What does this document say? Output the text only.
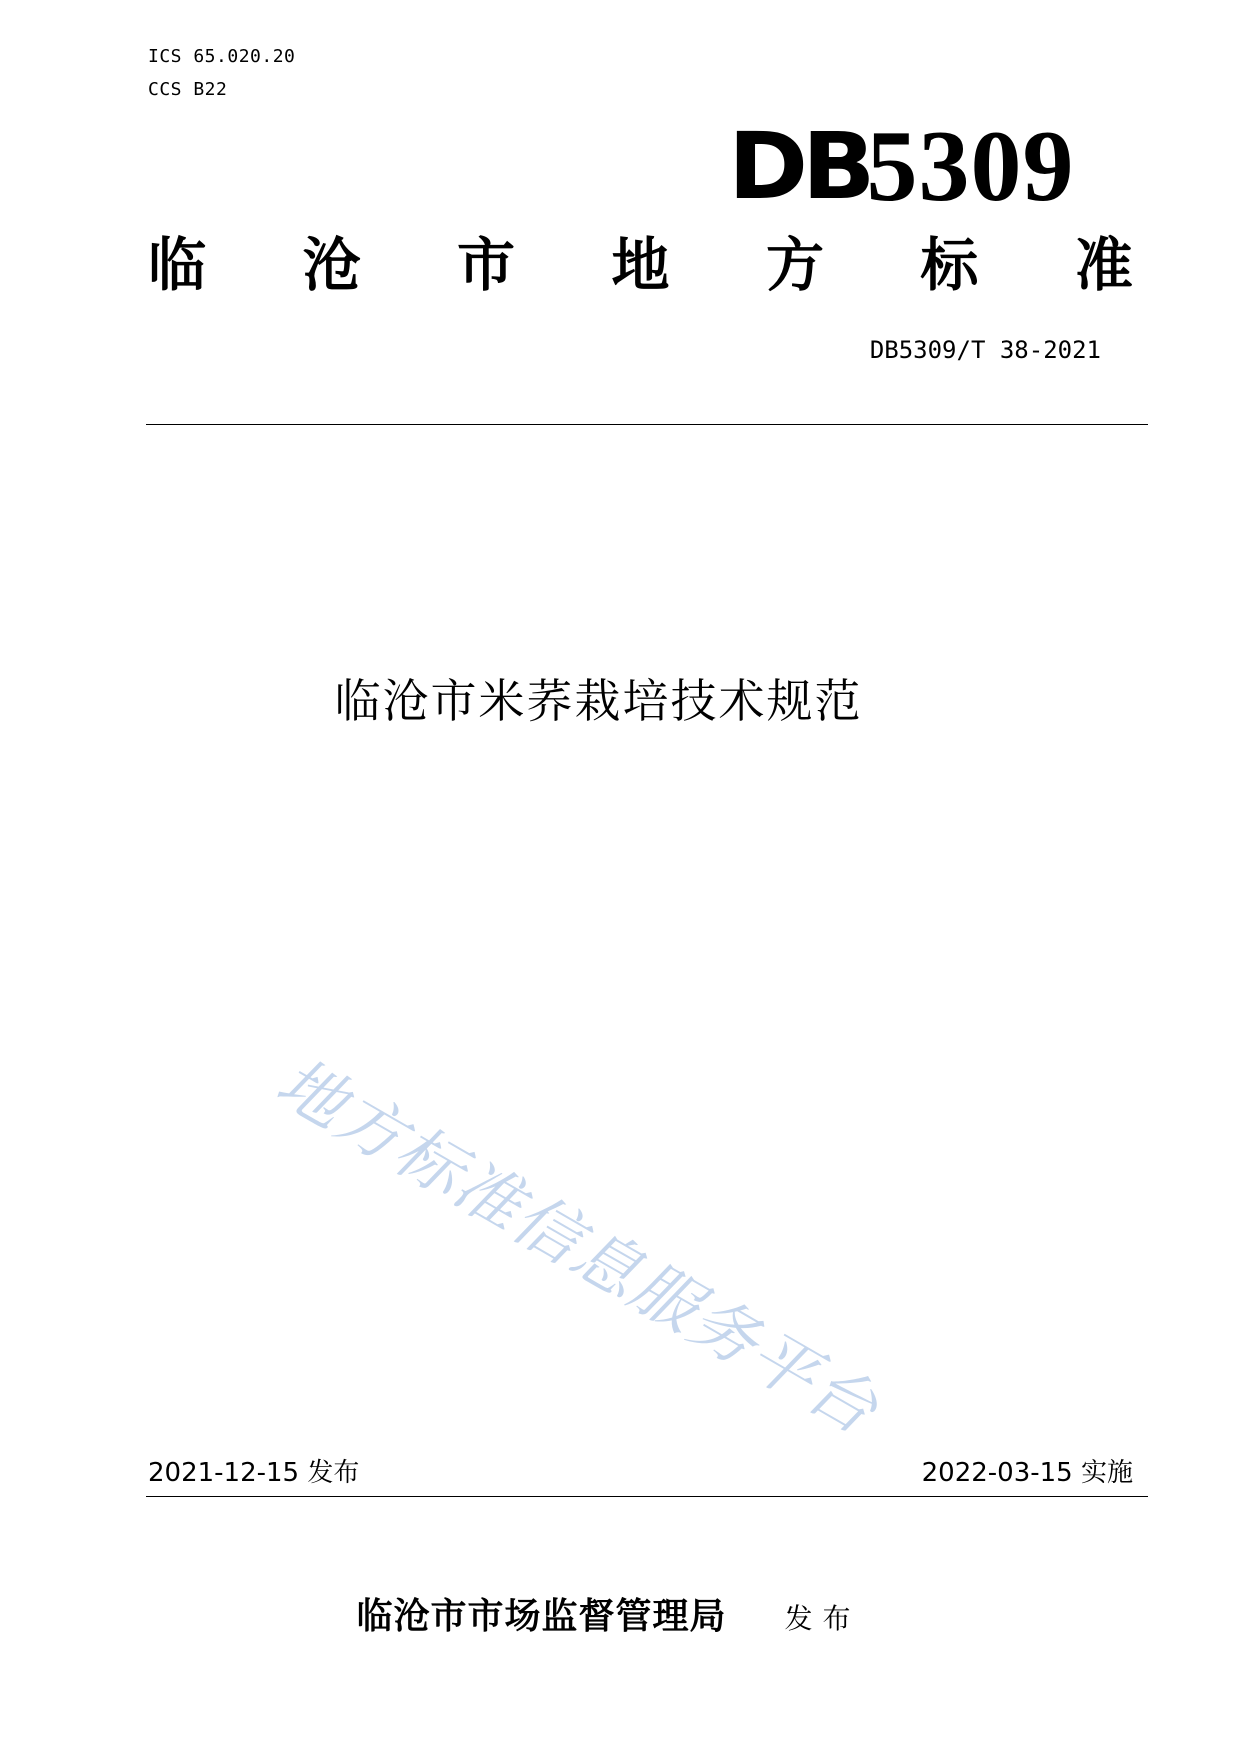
ICS 65.020.20
CCS B22
DB
5309
临 沧 市 地 方 标 准
DB5309/T 38-2021
临沧市米荞栽培技术规范
地方标准信息服务平台
2021-12-15 发布	2022-03-15 实施
临沧市市场监督管理局 发布
